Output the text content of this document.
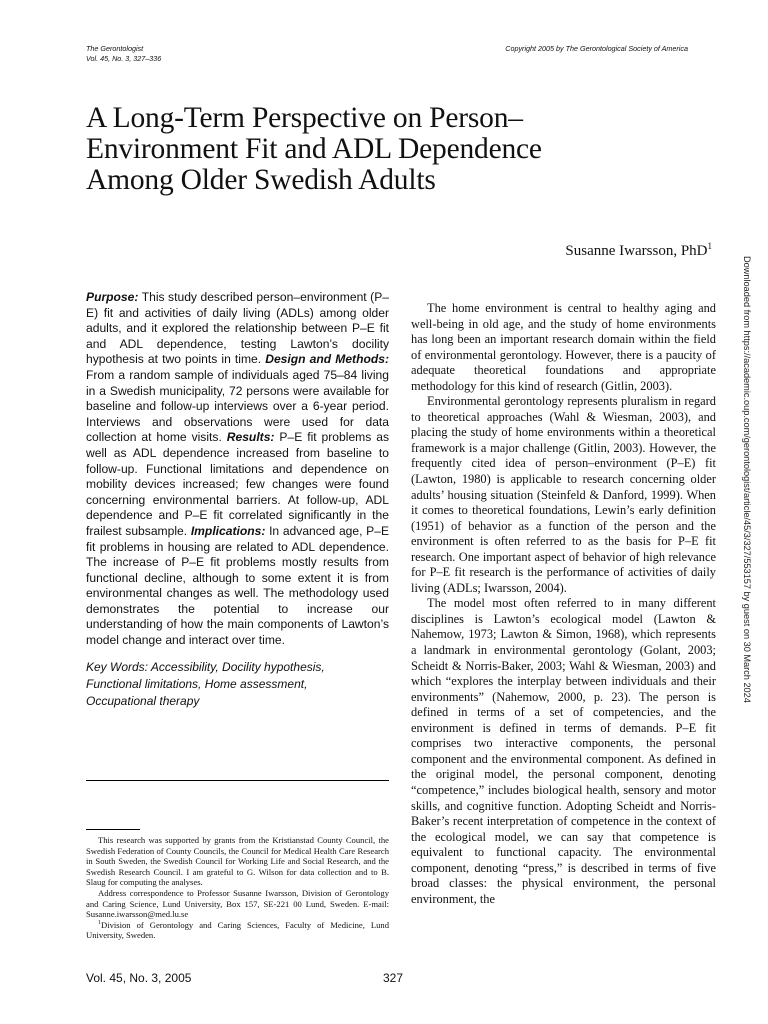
The Gerontologist
Vol. 45, No. 3, 327–336
Copyright 2005 by The Gerontological Society of America
A Long-Term Perspective on Person–
Environment Fit and ADL Dependence
Among Older Swedish Adults
Susanne Iwarsson, PhD$^1$

Purpose: This study described person–environment (P–E) fit and activities of daily living (ADLs) among older adults, and it explored the relationship between P–E fit and ADL dependence, testing Lawton’s docility hypothesis at two points in time. Design and Methods: From a random sample of individuals aged 75–84 living in a Swedish municipality, 72 persons were available for baseline and follow-up interviews over a 6-year period. Interviews and observations were used for data collection at home visits. Results: P–E fit problems as well as ADL dependence increased from baseline to follow-up. Functional limitations and dependence on mobility devices increased; few changes were found concerning environmental barriers. At follow-up, ADL dependence and P–E fit correlated significantly in the frailest subsample. Implications: In advanced age, P–E fit problems in housing are related to ADL dependence. The increase of P–E fit problems mostly results from functional decline, although to some extent it is from environmental changes as well. The methodology used demonstrates the potential to increase our understanding of how the main components of Lawton’s model change and interact over time.

Key Words: Accessibility, Docility hypothesis,
Functional limitations, Home assessment,
Occupational therapy

This research was supported by grants from the Kristianstad County Council, the Swedish Federation of County Councils, the Council for Medical Health Care Research in South Sweden, the Swedish Council for Working Life and Social Research, and the Swedish Research Council. I am grateful to G. Wilson for data collection and to B. Slaug for computing the analyses.

Address correspondence to Professor Susanne Iwarsson, Division of Gerontology and Caring Science, Lund University, Box 157, SE-221 00 Lund, Sweden. E-mail: Susanne.iwarsson@med.lu.se

$^1$Division of Gerontology and Caring Sciences, Faculty of Medicine, Lund University, Sweden.

The home environment is central to healthy aging and well-being in old age, and the study of home environments has long been an important research domain within the field of environmental gerontology. However, there is a paucity of adequate theoretical foundations and appropriate methodology for this kind of research (Gitlin, 2003).

Environmental gerontology represents pluralism in regard to theoretical approaches (Wahl & Wiesman, 2003), and placing the study of home environments within a theoretical framework is a major challenge (Gitlin, 2003). However, the frequently cited idea of person–environment (P–E) fit (Lawton, 1980) is applicable to research concerning older adults’ housing situation (Steinfeld & Danford, 1999). When it comes to theoretical foundations, Lewin’s early definition (1951) of behavior as a function of the person and the environment is often referred to as the basis for P–E fit research. One important aspect of behavior of high relevance for P–E fit research is the performance of activities of daily living (ADLs; Iwarsson, 2004).

The model most often referred to in many different disciplines is Lawton’s ecological model (Lawton & Nahemow, 1973; Lawton & Simon, 1968), which represents a landmark in environmental gerontology (Golant, 2003; Scheidt & Norris-Baker, 2003; Wahl & Wiesman, 2003) and which “explores the interplay between individuals and their environments” (Nahemow, 2000, p. 23). The person is defined in terms of a set of competencies, and the environment is defined in terms of demands. P–E fit comprises two interactive components, the personal component and the environmental component. As defined in the original model, the personal component, denoting “competence,” includes biological health, sensory and motor skills, and cognitive function. Adopting Scheidt and Norris-Baker’s recent interpretation of competence in the context of the ecological model, we can say that competence is equivalent to functional capacity. The environmental component, denoting “press,” is described in terms of five broad classes: the physical environment, the personal environment, the

Vol. 45, No. 3, 2005	327
Downloaded from https://academic.oup.com/gerontologist/article/45/3/327/553157 by guest on 30 March 2024
